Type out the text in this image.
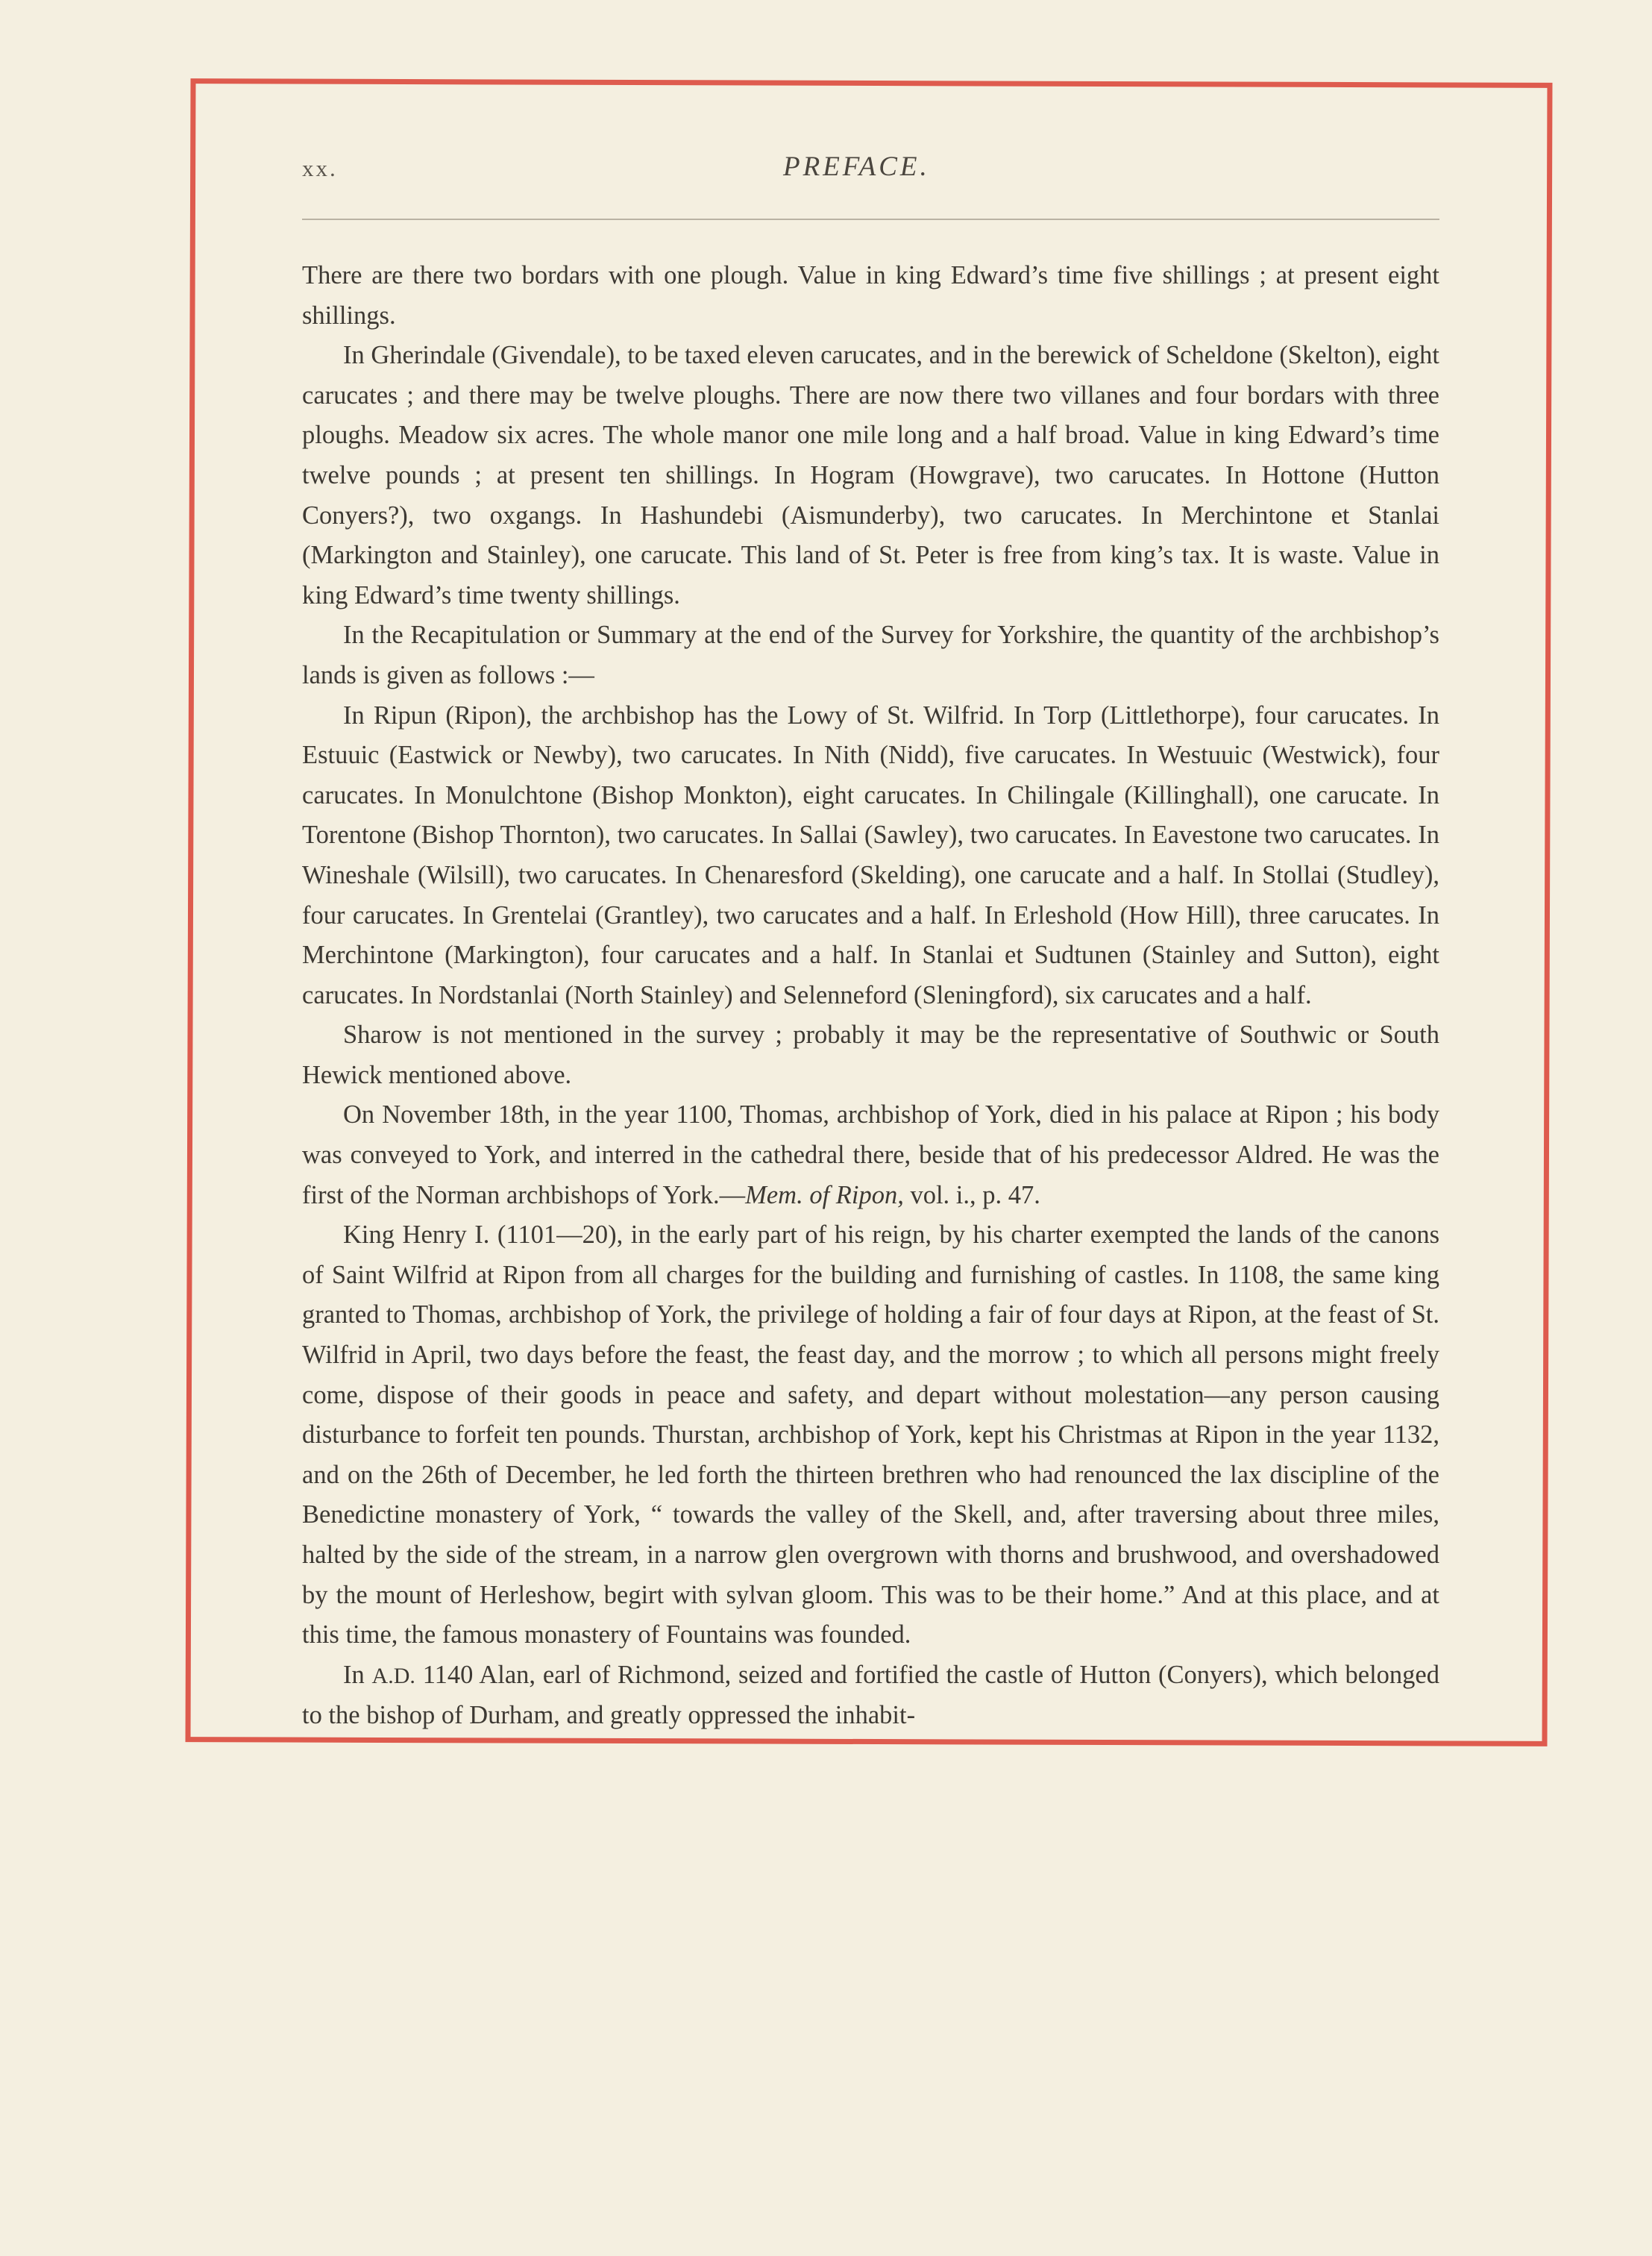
xx.	PREFACE.

There are there two bordars with one plough. Value in king Edward’s time five shillings ; at present eight shillings.

In Gherindale (Givendale), to be taxed eleven carucates, and in the berewick of Scheldone (Skelton), eight carucates ; and there may be twelve ploughs. There are now there two villanes and four bordars with three ploughs. Meadow six acres. The whole manor one mile long and a half broad. Value in king Edward’s time twelve pounds ; at present ten shillings. In Hogram (Howgrave), two carucates. In Hottone (Hutton Conyers?), two oxgangs. In Hashundebi (Aismunderby), two carucates. In Merchintone et Stanlai (Markington and Stainley), one carucate. This land of St. Peter is free from king’s tax. It is waste. Value in king Edward’s time twenty shillings.

In the Recapitulation or Summary at the end of the Survey for Yorkshire, the quantity of the archbishop’s lands is given as follows :—

In Ripun (Ripon), the archbishop has the Lowy of St. Wilfrid. In Torp (Littlethorpe), four carucates. In Estuuic (Eastwick or Newby), two carucates. In Nith (Nidd), five carucates. In Westuuic (Westwick), four carucates. In Monulchtone (Bishop Monkton), eight carucates. In Chilingale (Killinghall), one carucate. In Torentone (Bishop Thornton), two carucates. In Sallai (Sawley), two carucates. In Eavestone two carucates. In Wineshale (Wilsill), two carucates. In Chenaresford (Skelding), one carucate and a half. In Stollai (Studley), four carucates. In Grentelai (Grantley), two carucates and a half. In Erleshold (How Hill), three carucates. In Merchintone (Markington), four carucates and a half. In Stanlai et Sudtunen (Stainley and Sutton), eight carucates. In Nordstanlai (North Stainley) and Selenneford (Sleningford), six carucates and a half.

Sharow is not mentioned in the survey ; probably it may be the representative of Southwic or South Hewick mentioned above.

On November 18th, in the year 1100, Thomas, archbishop of York, died in his palace at Ripon ; his body was conveyed to York, and interred in the cathedral there, beside that of his predecessor Aldred. He was the first of the Norman archbishops of York.—Mem. of Ripon, vol. i., p. 47.

King Henry I. (1101—20), in the early part of his reign, by his charter exempted the lands of the canons of Saint Wilfrid at Ripon from all charges for the building and furnishing of castles. In 1108, the same king granted to Thomas, archbishop of York, the privilege of holding a fair of four days at Ripon, at the feast of St. Wilfrid in April, two days before the feast, the feast day, and the morrow ; to which all persons might freely come, dispose of their goods in peace and safety, and depart without molestation—any person causing disturbance to forfeit ten pounds. Thurstan, archbishop of York, kept his Christmas at Ripon in the year 1132, and on the 26th of December, he led forth the thirteen brethren who had renounced the lax discipline of the Benedictine monastery of York, “ towards the valley of the Skell, and, after traversing about three miles, halted by the side of the stream, in a narrow glen overgrown with thorns and brushwood, and overshadowed by the mount of Herleshow, begirt with sylvan gloom. This was to be their home.” And at this place, and at this time, the famous monastery of Fountains was founded.

In A.D. 1140 Alan, earl of Richmond, seized and fortified the castle of Hutton (Conyers), which belonged to the bishop of Durham, and greatly oppressed the inhabit-
